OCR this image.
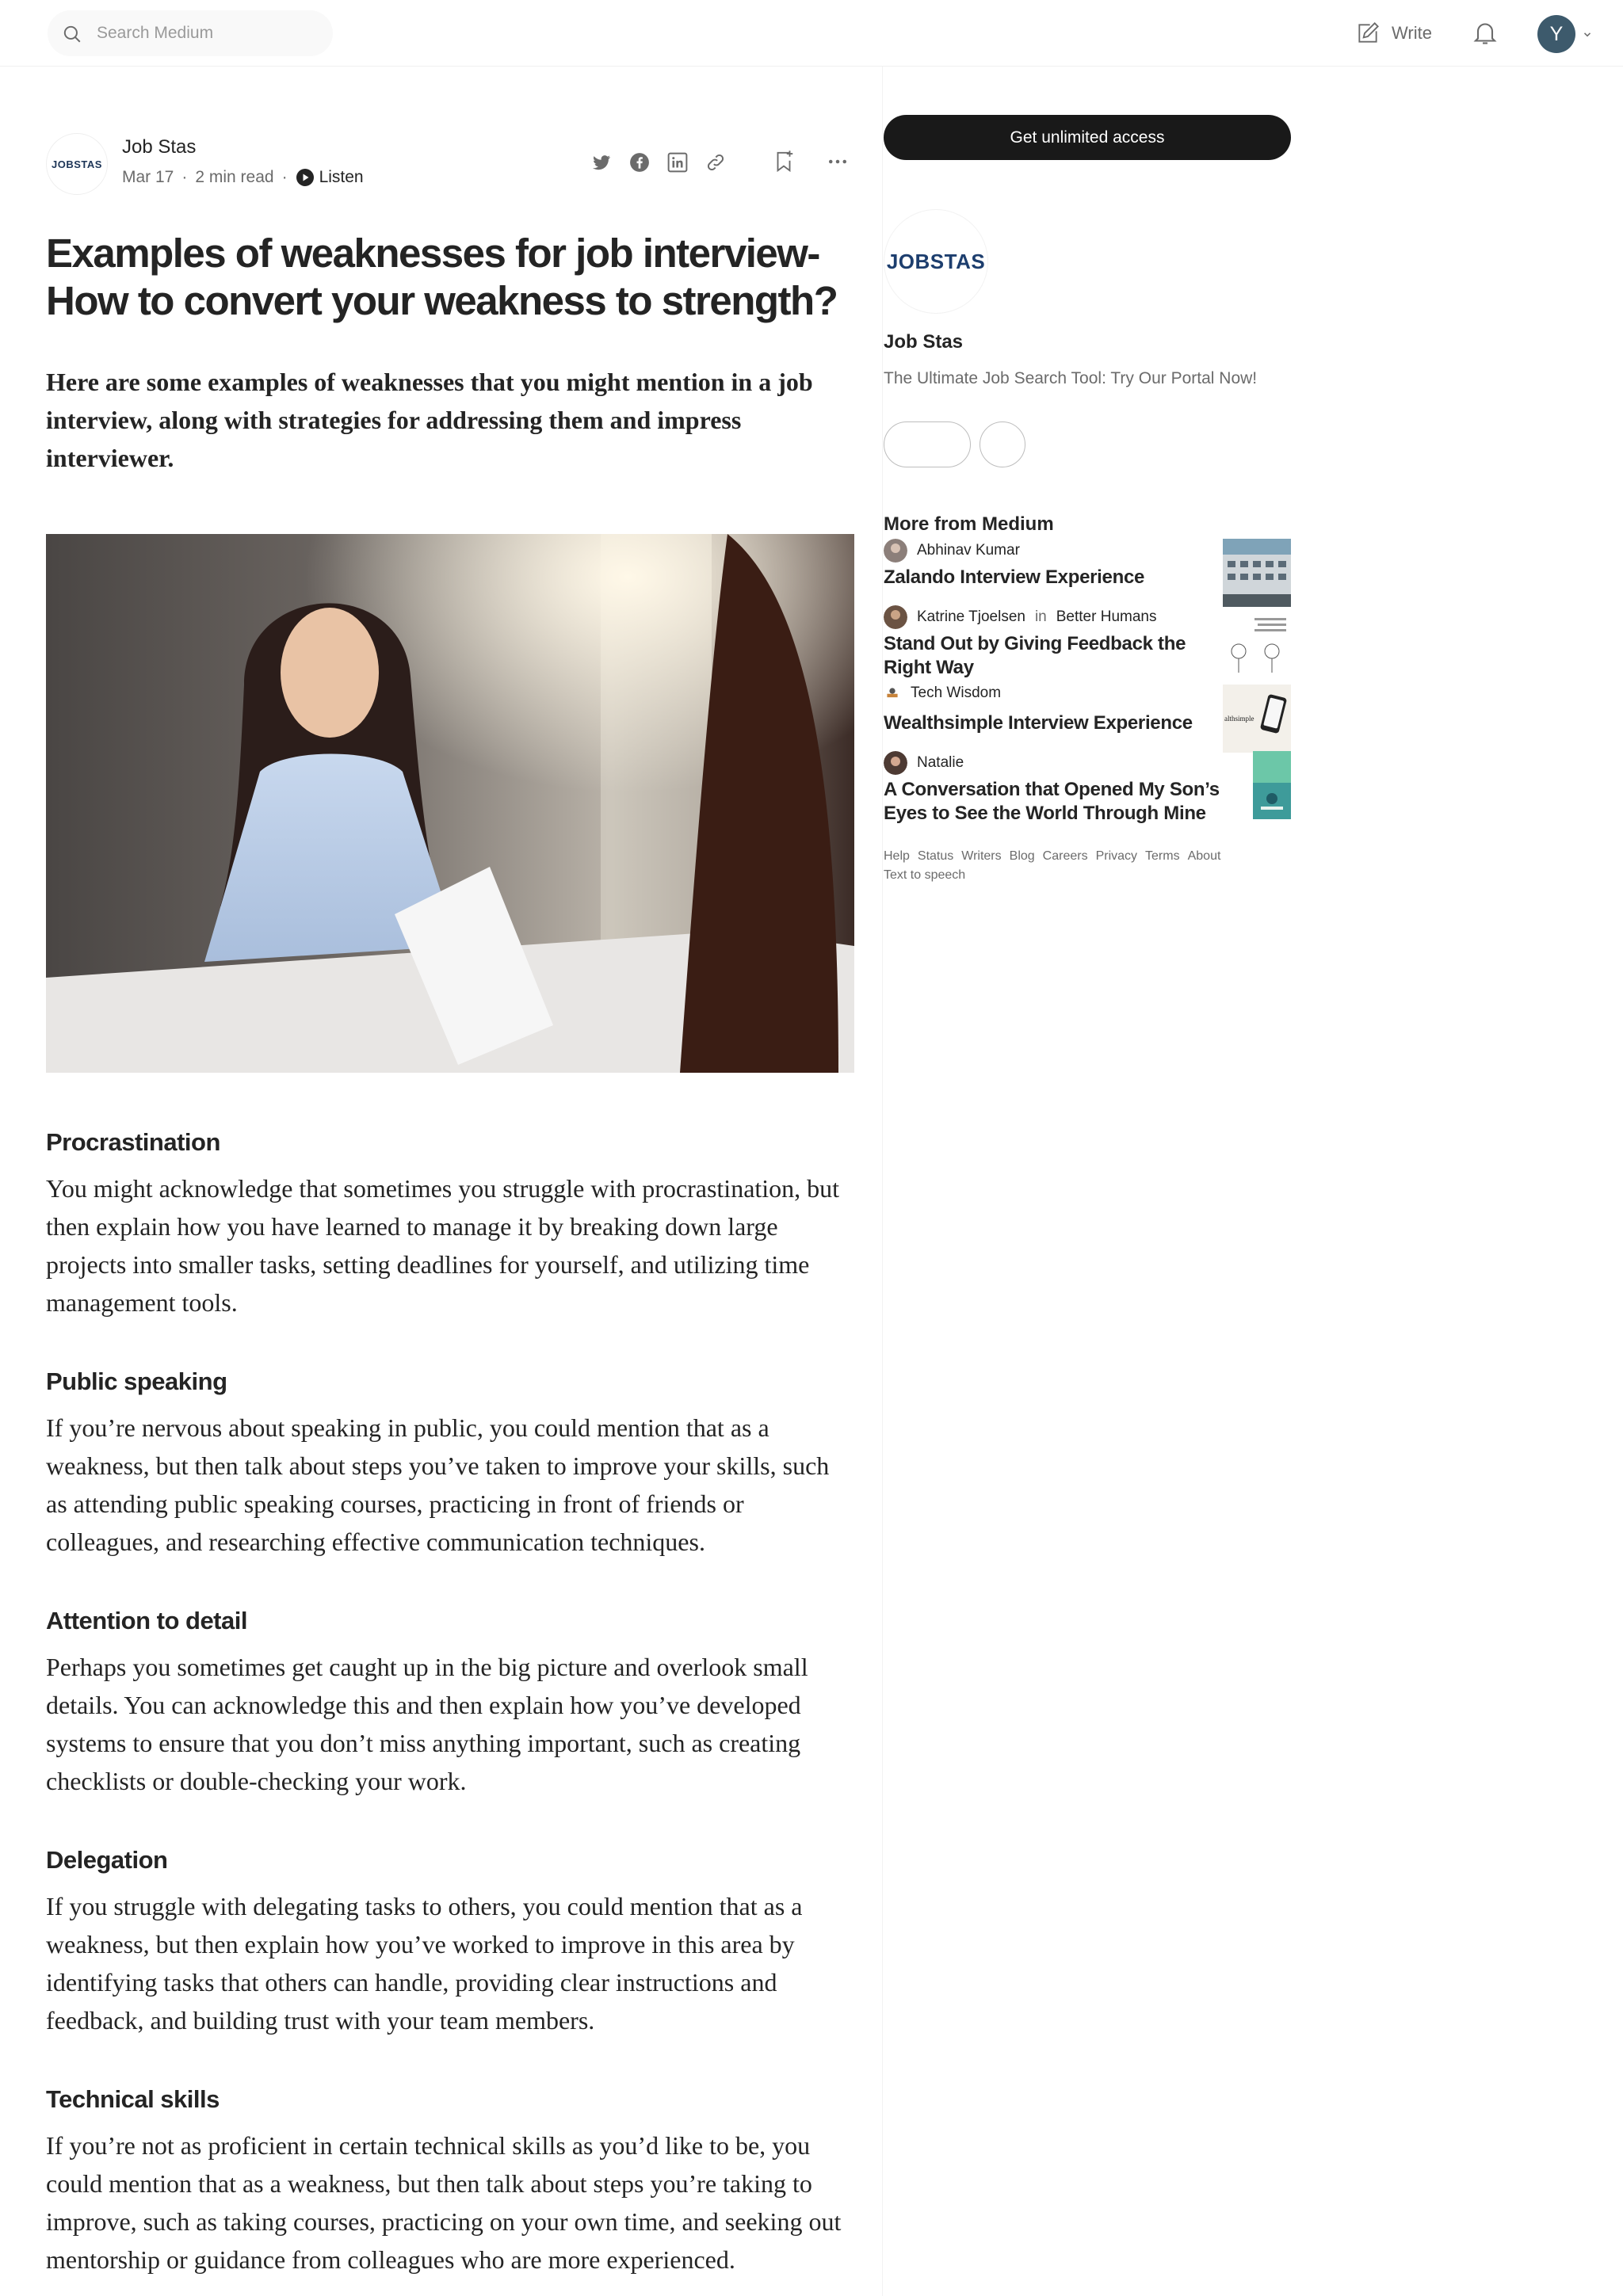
Search Medium
Write	Y
JOBSTAS
Job Stas
Mar 17 · 2 min read · Listen
Examples of weaknesses for job interview- How to convert your weakness to strength?
Here are some examples of weaknesses that you might mention in a job interview, along with strategies for addressing them and impress interviewer.
Procrastination

You might acknowledge that sometimes you struggle with procrastination, but then explain how you have learned to manage it by breaking down large projects into smaller tasks, setting deadlines for yourself, and utilizing time management tools.

Public speaking

If you’re nervous about speaking in public, you could mention that as a weakness, but then talk about steps you’ve taken to improve your skills, such as attending public speaking courses, practicing in front of friends or colleagues, and researching effective communication techniques.

Attention to detail

Perhaps you sometimes get caught up in the big picture and overlook small details. You can acknowledge this and then explain how you’ve developed systems to ensure that you don’t miss anything important, such as creating checklists or double-checking your work.

Delegation

If you struggle with delegating tasks to others, you could mention that as a weakness, but then explain how you’ve worked to improve in this area by identifying tasks that others can handle, providing clear instructions and feedback, and building trust with your team members.

Technical skills

If you’re not as proficient in certain technical skills as you’d like to be, you could mention that as a weakness, but then talk about steps you’re taking to improve, such as taking courses, practicing on your own time, and seeking out mentorship or guidance from colleagues who are more experienced.

Get unlimited access
JOBSTAS
Job Stas
The Ultimate Job Search Tool: Try Our Portal Now!
More from Medium
Abhinav Kumar
Zalando Interview Experience
Katrine Tjoelsen in Better Humans
Stand Out by Giving Feedback the Right Way
Tech Wisdom
Wealthsimple Interview Experience	althsimple
Natalie
A Conversation that Opened My Son’s Eyes to See the World Through Mine
Help Status Writers Blog Careers Privacy Terms About
Text to speech
